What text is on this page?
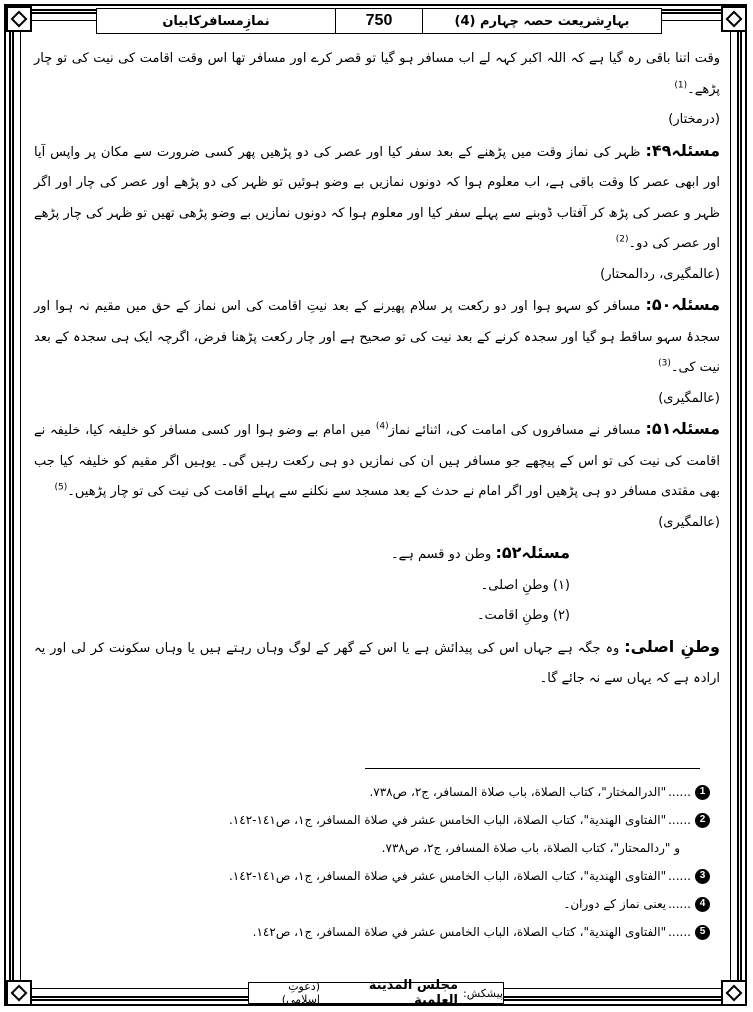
بہارِشریعت حصہ چہارم (4)
750
نمازِمسافرکابیان

وقت اتنا باقی رہ گیا ہے کہ اللہ اکبر کہہ لے اب مسافر ہو گیا تو قصر کرے اور مسافر تھا اس وقت اقامت کی نیت کی تو چار پڑھے۔$^{(1)}$
(درمختار)

مسئلہ۴۹: ظہر کی نماز وقت میں پڑھنے کے بعد سفر کیا اور عصر کی دو پڑھیں پھر کسی ضرورت سے مکان پر واپس آیا اور ابھی عصر کا وقت باقی ہے، اب معلوم ہوا کہ دونوں نمازیں بے وضو ہوئیں تو ظہر کی دو پڑھے اور عصر کی چار اور اگر ظہر و عصر کی پڑھ کر آفتاب ڈوبنے سے پہلے سفر کیا اور معلوم ہوا کہ دونوں نمازیں بے وضو پڑھی تھیں تو ظہر کی چار پڑھے اور عصر کی دو۔$^{(2)}$
(عالمگیری، ردالمحتار)

مسئلہ۵۰: مسافر کو سہو ہوا اور دو رکعت پر سلام پھیرنے کے بعد نیتِ اقامت کی اس نماز کے حق میں مقیم نہ ہوا اور سجدۂ سہو ساقط ہو گیا اور سجدہ کرنے کے بعد نیت کی تو صحیح ہے اور چار رکعت پڑھنا فرض، اگرچہ ایک ہی سجدہ کے بعد نیت کی۔$^{(3)}$
(عالمگیری)

مسئلہ۵۱: مسافر نے مسافروں کی امامت کی، اثنائے نماز$^{(4)}$ میں امام بے وضو ہوا اور کسی مسافر کو خلیفہ کیا، خلیفہ نے اقامت کی نیت کی تو اس کے پیچھے جو مسافر ہیں ان کی نمازیں دو ہی رکعت رہیں گی۔ یوہیں اگر مقیم کو خلیفہ کیا جب بھی مقتدی مسافر دو ہی پڑھیں اور اگر امام نے حدث کے بعد مسجد سے نکلنے سے پہلے اقامت کی نیت کی تو چار پڑھیں۔$^{(5)}$
(عالمگیری)

مسئلہ۵۲: وطن دو قسم ہے۔
(۱) وطنِ اصلی۔
(۲) وطنِ اقامت۔

وطنِ اصلی: وہ جگہ ہے جہاں اس کی پیدائش ہے یا اس کے گھر کے لوگ وہاں رہتے ہیں یا وہاں سکونت کر لی اور یہ ارادہ ہے کہ یہاں سے نہ جائے گا۔

1
......
"الدرالمختار"، كتاب الصلاة، باب صلاة المسافر، ج٢، ص٧٣٨.
2
......
"الفتاوى الهندية"، كتاب الصلاة، الباب الخامس عشر في صلاة المسافر، ج١، ص١٤١-١٤٢.
و "ردالمحتار"، كتاب الصلاة، باب صلاة المسافر، ج٢، ص٧٣٨.
3
......
"الفتاوى الهندية"، كتاب الصلاة، الباب الخامس عشر في صلاة المسافر، ج١، ص١٤١-١٤٢.
4
......
یعنی نماز کے دوران۔
5
......
"الفتاوى الهندية"، كتاب الصلاة، الباب الخامس عشر في صلاة المسافر، ج١، ص١٤٢.
پیشکش:
مجلس المدينة العلمية
(دعوتِ اسلامی)
